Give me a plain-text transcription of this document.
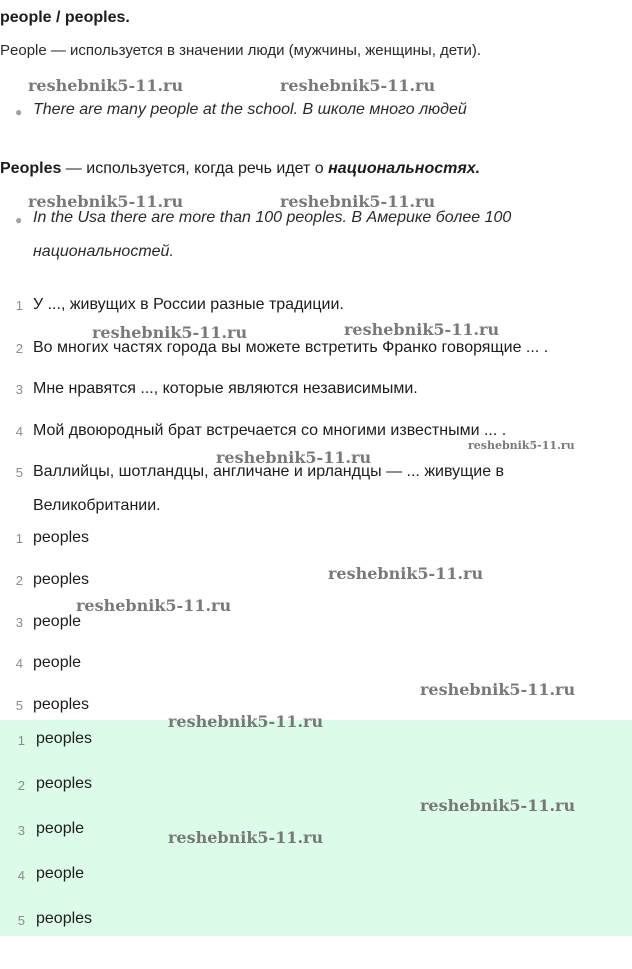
people / peoples.
People — используется в значении люди (мужчины, женщины, дети).
● There are many people at the school. В школе много людей
Peoples — используется, когда речь идет о национальностях.
● In the Usa there are more than 100 peoples. В Америке более 100
национальностей.
1 У ..., живущих в России разные традиции.
2 Во многих частях города вы можете встретить Франко говорящие ... .
3 Мне нравятся ..., которые являются независимыми.
4 Мой двоюродный брат встречается со многими известными ... .
5 Валлийцы, шотландцы, англичане и ирландцы — ... живущие в
Великобритании.
1 peoples
2 peoples
3 people
4 people
5 peoples
1 peoples
2 peoples
3 people
4 people
5 peoples
reshebnik5-11.ru	reshebnik5-11.ru
reshebnik5-11.ru	reshebnik5-11.ru
reshebnik5-11.ru	reshebnik5-11.ru
reshebnik5-11.ru
reshebnik5-11.ru
reshebnik5-11.ru
reshebnik5-11.ru
reshebnik5-11.ru
reshebnik5-11.ru
reshebnik5-11.ru
reshebnik5-11.ru
